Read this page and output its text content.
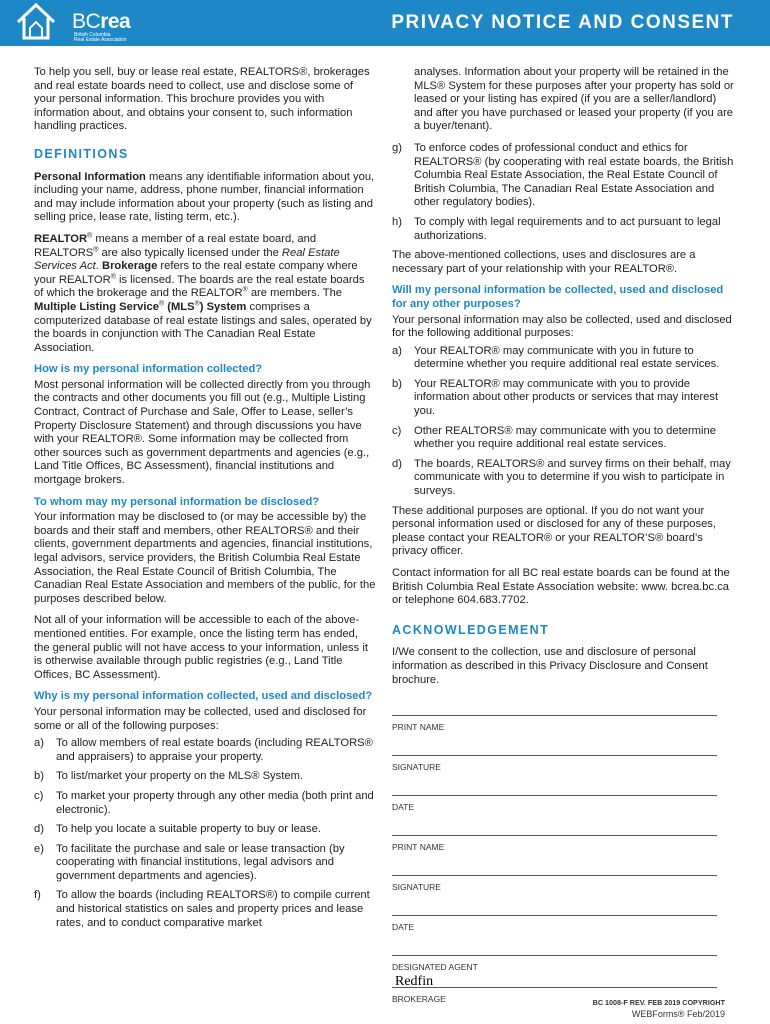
BCrea
British Columbia
Real Estate Association
PRIVACY NOTICE AND CONSENT

To help you sell, buy or lease real estate, REALTORS®, brokerages and real estate boards need to collect, use and disclose some of your personal information. This brochure provides you with information about, and obtains your consent to, such information handling practices.

DEFINITIONS

Personal Information means any identifiable information about you, including your name, address, phone number, financial information and may include information about your property (such as listing and selling price, lease rate, listing term, etc.).

REALTOR® means a member of a real estate board, and REALTORS® are also typically licensed under the Real Estate Services Act. Brokerage refers to the real estate company where your REALTOR® is licensed. The boards are the real estate boards of which the brokerage and the REALTOR® are members. The Multiple Listing Service® (MLS®) System comprises a computerized database of real estate listings and sales, operated by the boards in conjunction with The Canadian Real Estate Association.

How is my personal information collected?

Most personal information will be collected directly from you through the contracts and other documents you fill out (e.g., Multiple Listing Contract, Contract of Purchase and Sale, Offer to Lease, seller’s Property Disclosure Statement) and through discussions you have with your REALTOR®. Some information may be collected from other sources such as government departments and agencies (e.g., Land Title Offices, BC Assessment), financial institutions and mortgage brokers.

To whom may my personal information be disclosed?

Your information may be disclosed to (or may be accessible by) the boards and their staff and members, other REALTORS® and their clients, government departments and agencies, financial institutions, legal advisors, service providers, the British Columbia Real Estate Association, the Real Estate Council of British Columbia, The Canadian Real Estate Association and members of the public, for the purposes described below.

Not all of your information will be accessible to each of the above-mentioned entities. For example, once the listing term has ended, the general public will not have access to your information, unless it is otherwise available through public registries (e.g., Land Title Offices, BC Assessment).

Why is my personal information collected, used and disclosed?

Your personal information may be collected, used and disclosed for some or all of the following purposes:

a) To allow members of real estate boards (including REALTORS® and appraisers) to appraise your property.
b) To list/market your property on the MLS® System.
c) To market your property through any other media (both print and electronic).
d) To help you locate a suitable property to buy or lease.
e) To facilitate the purchase and sale or lease transaction (by cooperating with financial institutions, legal advisors and government departments and agencies).
f) To allow the boards (including REALTORS®) to compile current and historical statistics on sales and property prices and lease rates, and to conduct comparative market

analyses. Information about your property will be retained in the MLS® System for these purposes after your property has sold or leased or your listing has expired (if you are a seller/landlord) and after you have purchased or leased your property (if you are a buyer/tenant).

g) To enforce codes of professional conduct and ethics for REALTORS® (by cooperating with real estate boards, the British Columbia Real Estate Association, the Real Estate Council of British Columbia, The Canadian Real Estate Association and other regulatory bodies).
h) To comply with legal requirements and to act pursuant to legal authorizations.

The above-mentioned collections, uses and disclosures are a necessary part of your relationship with your REALTOR®.

Will my personal information be collected, used and disclosed for any other purposes?

Your personal information may also be collected, used and disclosed for the following additional purposes:

a) Your REALTOR® may communicate with you in future to determine whether you require additional real estate services.
b) Your REALTOR® may communicate with you to provide information about other products or services that may interest you.
c) Other REALTORS® may communicate with you to determine whether you require additional real estate services.
d) The boards, REALTORS® and survey firms on their behalf, may communicate with you to determine if you wish to participate in surveys.

These additional purposes are optional. If you do not want your personal information used or disclosed for any of these purposes, please contact your REALTOR® or your REALTOR’S® board’s privacy officer.

Contact information for all BC real estate boards can be found at the British Columbia Real Estate Association website: www. bcrea.bc.ca or telephone 604.683.7702.

ACKNOWLEDGEMENT

I/We consent to the collection, use and disclosure of personal information as described in this Privacy Disclosure and Consent brochure.

PRINT NAME
SIGNATURE
DATE
PRINT NAME
SIGNATURE
DATE
DESIGNATED AGENT
Redfin
BROKERAGE	BC 1008-F REV. FEB 2019 COPYRIGHT
WEBForms® Feb/2019
